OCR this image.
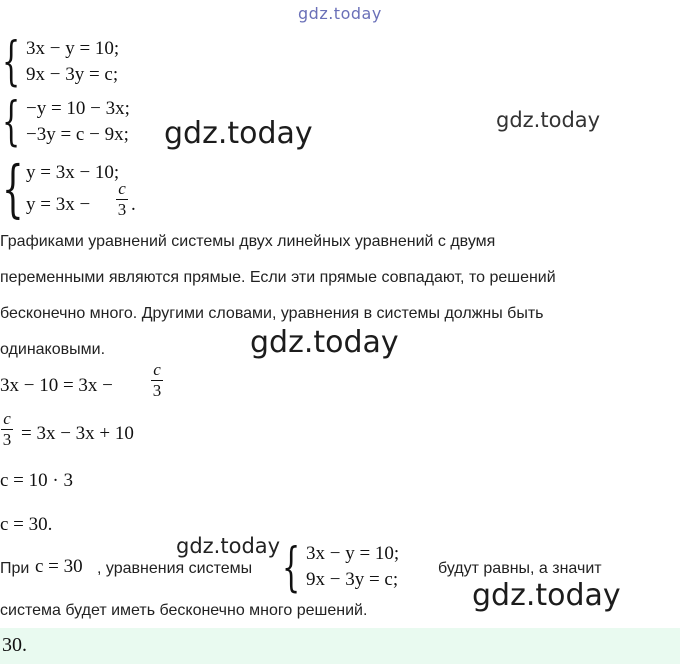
gdz.today
{ 3x − y = 10;
9x − 3y = c;
{ −y = 10 − 3x;
−3y = c − 9x; gdz.today	gdz.today
{ y = 3x − 10;
y = 3x −
c
3 .
Графиками уравнений системы двух линейных уравнений с двумя
переменными являются прямые. Если эти прямые совпадают, то решений
бесконечно много. Другими словами, уравнения в системы должны быть
одинаковыми.	gdz.today
3x − 10 = 3x −
c
3
c
3 = 3x − 3x + 10
c = 10 · 3
c = 30.
gdz.today
При c = 30 , уравнения системы { 3x − y = 10;
9x − 3y = c;
будут равны, а значит
система будет иметь бесконечно много решений.	gdz.today
30.
